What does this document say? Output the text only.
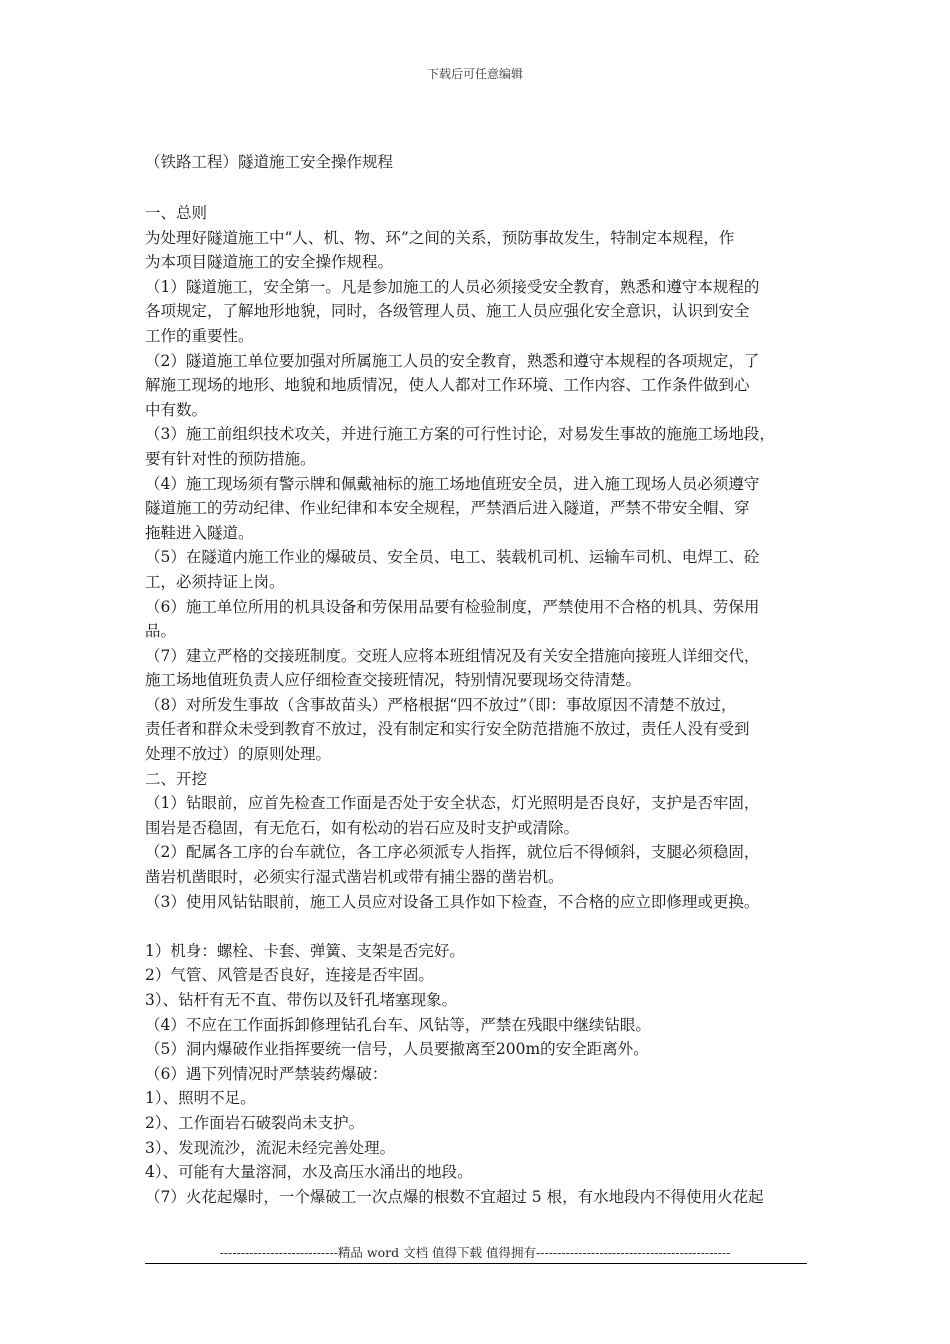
下载后可任意编辑
（铁路工程）隧道施工安全操作规程

一、总则

为处理好隧道施工中“人、机、物、环”之间的关系，预防事故发生，特制定本规程，作

为本项目隧道施工的安全操作规程。

（1）隧道施工，安全第一。凡是参加施工的人员必须接受安全教育，熟悉和遵守本规程的

各项规定，了解地形地貌，同时，各级管理人员、施工人员应强化安全意识，认识到安全

工作的重要性。

（2）隧道施工单位要加强对所属施工人员的安全教育，熟悉和遵守本规程的各项规定，了

解施工现场的地形、地貌和地质情况，使人人都对工作环境、工作内容、工作条件做到心

中有数。

（3）施工前组织技术攻关，并进行施工方案的可行性讨论，对易发生事故的施施工场地段，

要有针对性的预防措施。

（4）施工现场须有警示牌和佩戴袖标的施工场地值班安全员，进入施工现场人员必须遵守

隧道施工的劳动纪律、作业纪律和本安全规程，严禁酒后进入隧道，严禁不带安全帽、穿

拖鞋进入隧道。

（5）在隧道内施工作业的爆破员、安全员、电工、装载机司机、运输车司机、电焊工、砼

工，必须持证上岗。

（6）施工单位所用的机具设备和劳保用品要有检验制度，严禁使用不合格的机具、劳保用

品。

（7）建立严格的交接班制度。交班人应将本班组情况及有关安全措施向接班人详细交代，

施工场地值班负责人应仔细检查交接班情况，特别情况要现场交待清楚。

（8）对所发生事故（含事故苗头）严格根据“四不放过”（即：事故原因不清楚不放过，

责任者和群众未受到教育不放过，没有制定和实行安全防范措施不放过，责任人没有受到

处理不放过）的原则处理。

二、开挖

（1）钻眼前，应首先检查工作面是否处于安全状态，灯光照明是否良好，支护是否牢固，

围岩是否稳固，有无危石，如有松动的岩石应及时支护或清除。

（2）配属各工序的台车就位，各工序必须派专人指挥，就位后不得倾斜，支腿必须稳固，

凿岩机凿眼时，必须实行湿式凿岩机或带有捕尘器的凿岩机。

（3）使用风钻钻眼前，施工人员应对设备工具作如下检查，不合格的应立即修理或更换。

1）机身：螺栓、卡套、弹簧、支架是否完好。

2）气管、风管是否良好，连接是否牢固。

3）、钻杆有无不直、带伤以及钎孔堵塞现象。

（4）不应在工作面拆卸修理钻孔台车、风钻等，严禁在残眼中继续钻眼。

（5）洞内爆破作业指挥要统一信号，人员要撤离至200m的安全距离外。

（6）遇下列情况时严禁装药爆破：

1）、照明不足。

2）、工作面岩石破裂尚未支护。

3）、发现流沙，流泥未经完善处理。

4）、可能有大量溶洞，水及高压水涌出的地段。

（7）火花起爆时，一个爆破工一次点爆的根数不宜超过 5 根，有水地段内不得使用火花起

----------------------------精品 word 文档 值得下载 值得拥有----------------------------------------------
